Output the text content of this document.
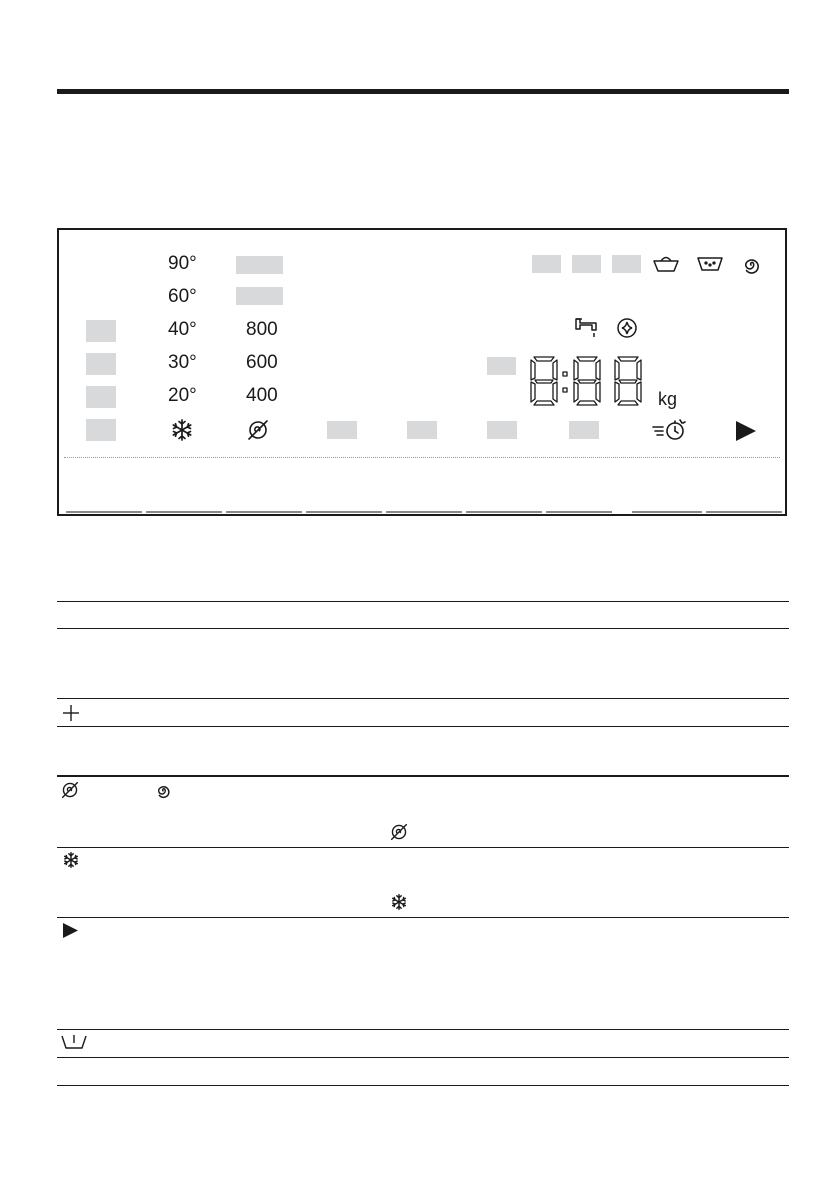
90°
60°
40°
30°
20°
800
600
400	kg
